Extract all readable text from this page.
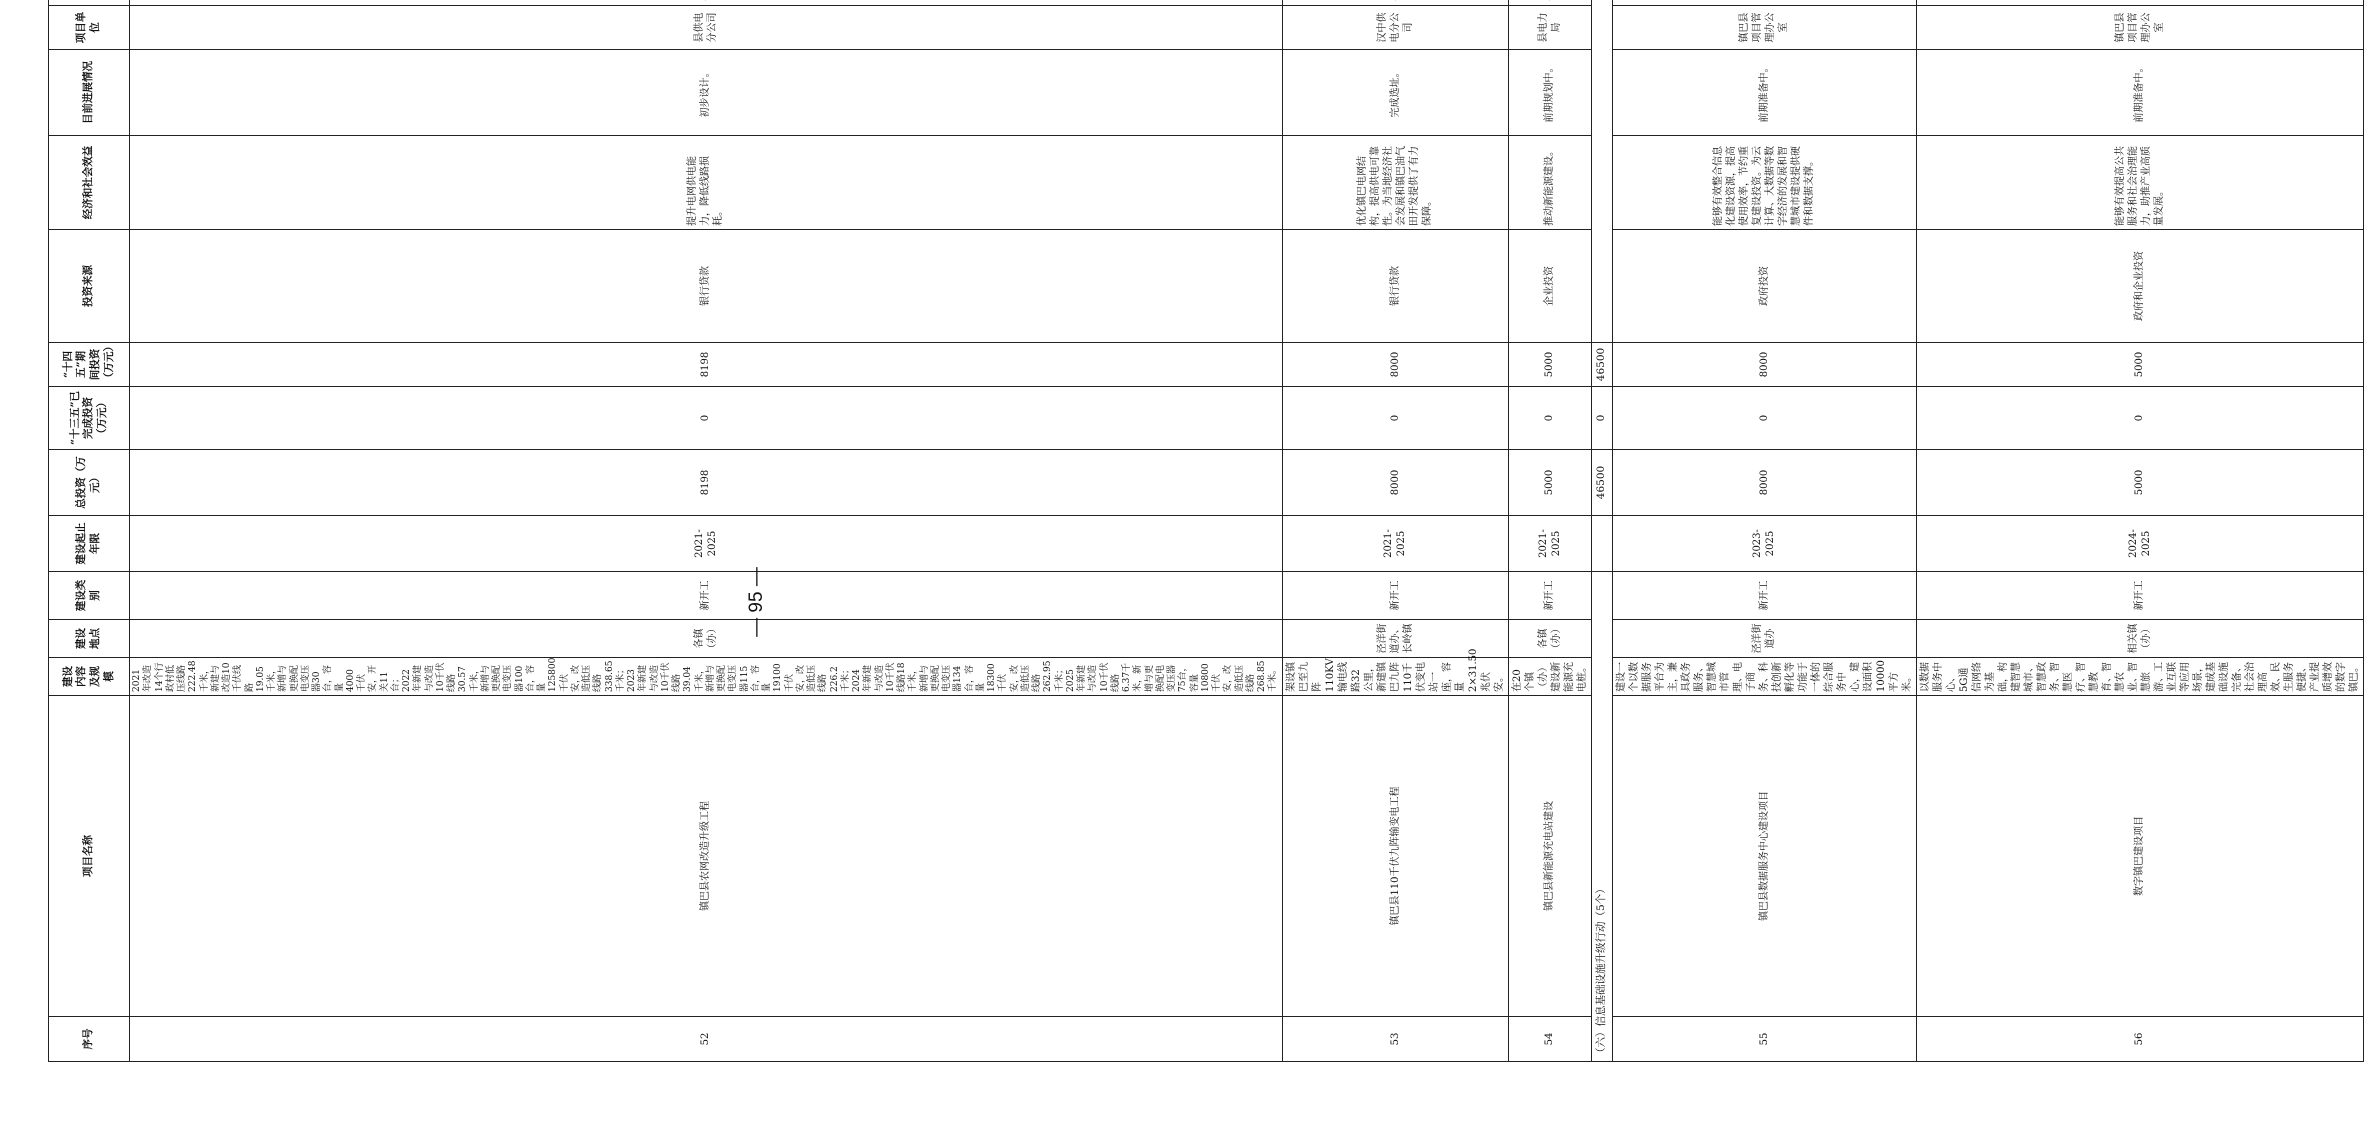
序号	项目名称	建设内容及规模	建设地点	建设类别	建设起止年限	总投资（万元）	“十三五”已完成投资（万元）	“十四五”期间投资（万元）	投资来源	经济和社会效益	目前进展情况	项目单位		
52	镇巴县农网改造升级工程	2021年改造14个行政村低压线路222.48千米，新建与改造10千伏线路19.05千米，新增与更换配电变压器30台，容量4000千伏安，开关11台；2022年新建与改造10千伏线路30.57千米，新增与更换配电变压器100台，容量125800千伏安，改造低压线路338.65千米；2023年新建与改造10千伏线路39.04千米，新增与更换配电变压器115台，容量19100千伏安，改造低压线路226.2千米；2024年新建与改造10千伏线路18千米，新增与更换配电变压器134台，容量18300千伏安，改造低压线路262.95千米；2025年新建与改造10千伏线路6.37千米，新增与更换配电变压器75台，容量10800千伏安，改造低压线路268.85千米。	各镇（办）	新开工	2021-2025	8198	0	8198	银行贷款	提升电网供电能力，降低线路损耗。	初步设计。	县供电分公司		
53	镇巴县110千伏九阵输变电工程	架设镇巴至九阵110KV输电线路32公里，新建镇巴九阵110千伏变电站一座，容量2×31.50兆伏安。	泾洋街道办、长岭镇	新开工	2021-2025	8000	0	8000	银行贷款	优化镇巴电网结构，提高供电可靠性。为当地经济社会发展和镇巴油气田开发提供了有力保障。	完成选址。	汉中供电分公司		
54	镇巴县新能源充电站建设	在20个镇（办）建设新能源充电桩。	各镇（办）	新开工	2021-2025	5000	0	5000	企业投资	推动新能源建设。	前期规划中。	县电力局		
（六）信息基础设施升级行动（5个）						46500	0	46500						
55	镇巴县数据服务中心建设项目	建设一个以数据服务平台为主，兼具政务服务、智慧城市管理、电子商务、科技创新孵化等功能于一体的综合服务中心，建设面积10000平方米。	泾洋街道办	新开工	2023-2025	8000	0	8000	政府投资	能够有效整合信息化建设资源，提高使用效率，节约重复建设投资。为云计算、大数据等数字经济的发展和智慧城市建设提供硬件和数据支撑。	前期准备中。	镇巴县项目管理办公室		
56	数字镇巴建设项目	以数据服务中心、5G通信网络为基础，构建智慧城市、智慧政务、智慧医疗、智慧教育、智慧农业、智慧旅游、工业互联等应用场景，建成基础设施完备、社会治理高效、民生服务便捷、产业提质增效的数字镇巴。	相关镇（办）	新开工	2024-2025	5000	0	5000	政府和企业投资	能够有效提高公共服务和社会治理能力，助推产业高质量发展。	前期准备中。	镇巴县项目管理办公室		
— 95 —
